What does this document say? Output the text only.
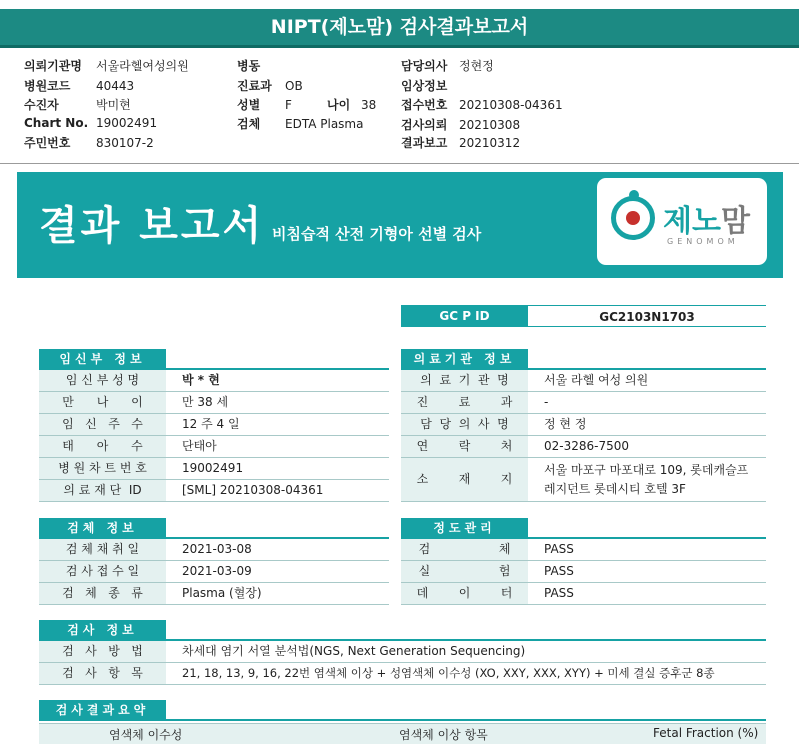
NIPT(제노맘) 검사결과보고서
의뢰기관명 서울라헬여성의원
병원코드 40443
수진자	박미현
Chart No. 19002491
주민번호 830107-2
병동
진료과 OB
성별 F	나이 38
검체 EDTA Plasma
담당의사 정현정
임상정보
접수번호 20210308-04361
검사의뢰 20210308
결과보고 20210312
결과 보고서 비침습적 산전 기형아 선별 검사	제노맘
GENOMOM
GC P ID	GC2103N1703
임신부 정보
임 신 부 성 명	박 * 현
만      나      이	만 38 세
임   신   주   수	12 주 4 일
태      아      수	단태아
병 원 차 트 번 호	19002491
의 료 재 단  ID	[SML] 20210308-04361
의료기관 정보
의  료  기  관  명	서울 라헬 여성 의원
진        료        과	-
담  당  의  사  명	정 현 정
연        락        처	02-3286-7500
소        재        지
서울 마포구 마포대로 109, 롯데캐슬프레지던트 롯데시티 호텔 3F
검체 정보
검 체 채 취 일	2021-03-08
검 사 접 수 일	2021-03-09
검   체   종   류	Plasma (혈장)
정도관리
검                  체	PASS
실                  험	PASS
데        이        터	PASS
검사 정보
검   사   방   법	차세대 염기 서열 분석법(NGS, Next Generation Sequencing)
검   사   항   목	21, 18, 13, 9, 16, 22번 염색체 이상 + 성염색체 이수성 (XO, XXY, XXX, XYY) + 미세 결실 증후군 8종
검사결과요약
염색체 이수성	염색체 이상 항목	Fetal Fraction (%)
